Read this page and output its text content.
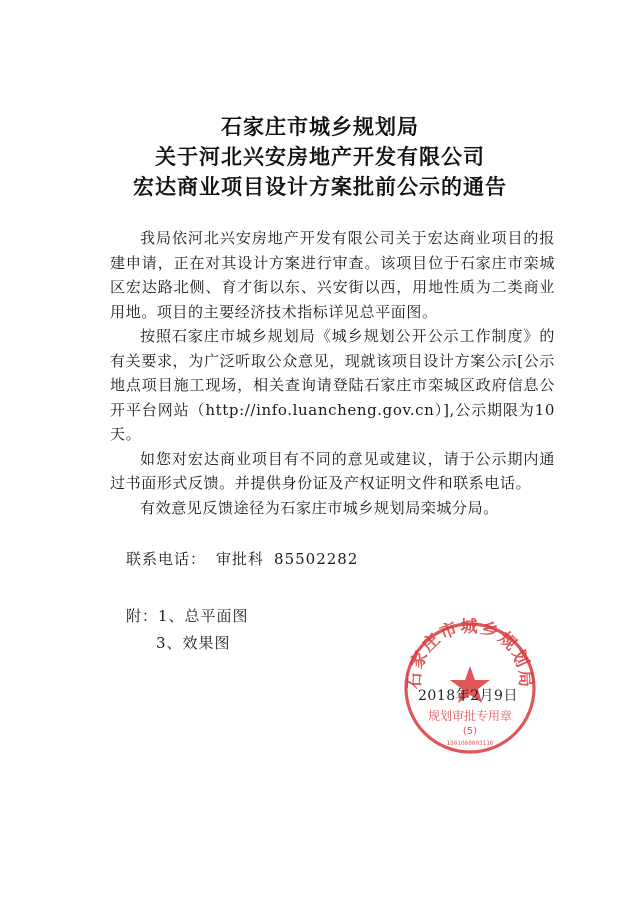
石家庄市城乡规划局
关于河北兴安房地产开发有限公司
宏达商业项目设计方案批前公示的通告

我局依河北兴安房地产开发有限公司关于宏达商业项目的报建申请，正在对其设计方案进行审查。该项目位于石家庄市栾城区宏达路北侧、育才街以东、兴安街以西，用地性质为二类商业用地。项目的主要经济技术指标详见总平面图。

按照石家庄市城乡规划局《城乡规划公开公示工作制度》的有关要求，为广泛听取公众意见，现就该项目设计方案公示[公示地点项目施工现场，相关查询请登陆石家庄市栾城区政府信息公开平台网站（http://info.luancheng.gov.cn）],公示期限为10天。

如您对宏达商业项目有不同的意见或建议，请于公示期内通过书面形式反馈。并提供身份证及产权证明文件和联系电话。

有效意见反馈途径为石家庄市城乡规划局栾城分局。

联系电话： 审批科 85502282
附：1、总平面图
3、效果图
石家庄市城乡规划局
规划审批专用章
(5)
1301060003116
2018年2月9日
